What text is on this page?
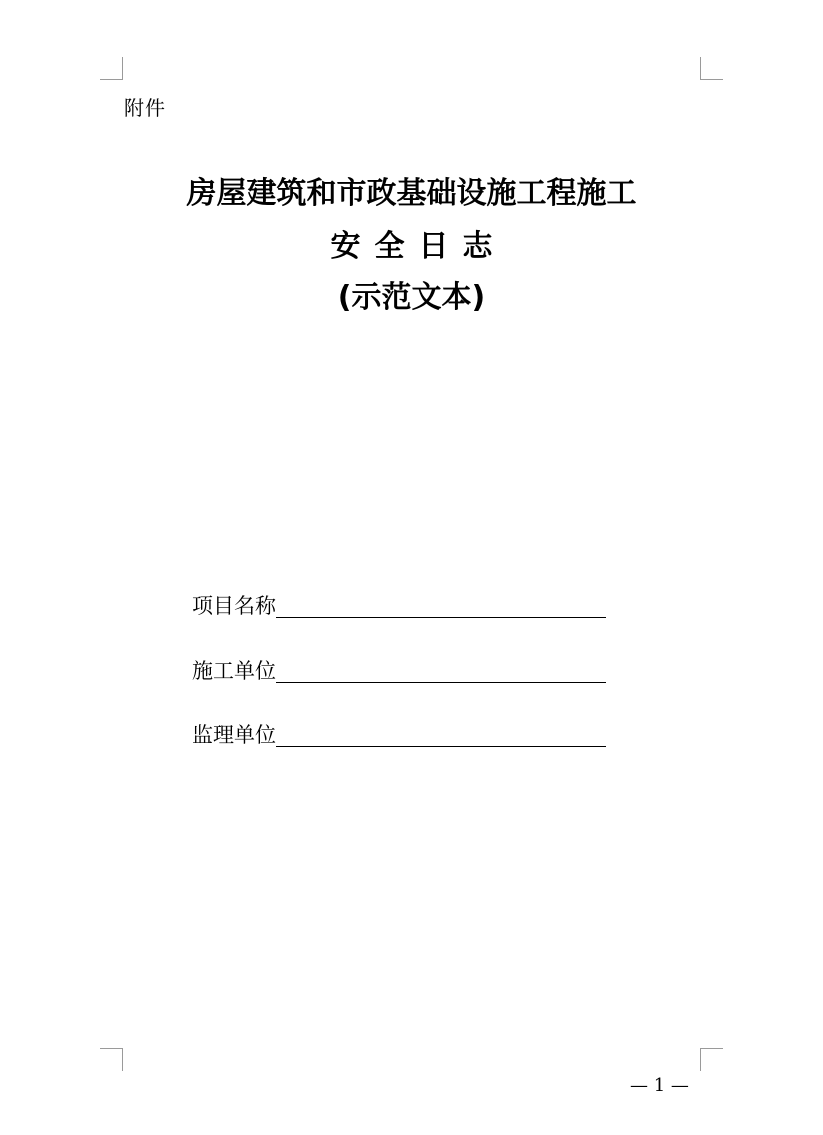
附件
房屋建筑和市政基础设施工程施工
安全日志
(示范文本)
项目名称
施工单位
监理单位
— 1 —
